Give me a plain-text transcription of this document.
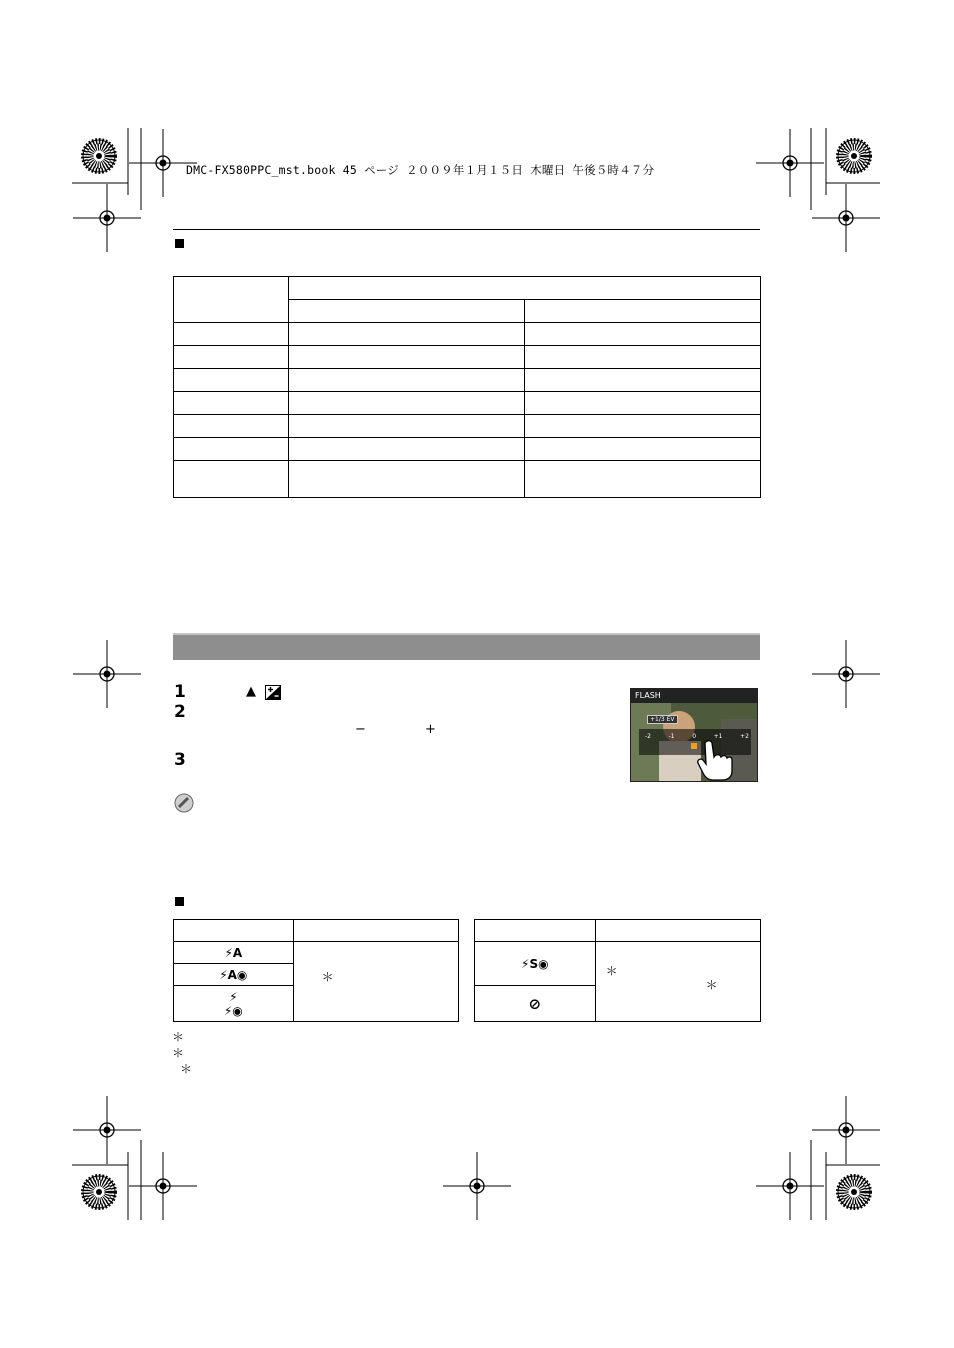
DMC-FX580PPC_mst.book 45 ページ ２００９年１月１５日 木曜日 午後５時４７分

1	▲
2
−	+
3
FLASH
+1/3 EV
-2	-1	0	+1	+2

⚡A	＊

⚡A◉	
⚡
⚡◉	

⚡S◉	＊
＊

⊘	
＊
＊
＊
